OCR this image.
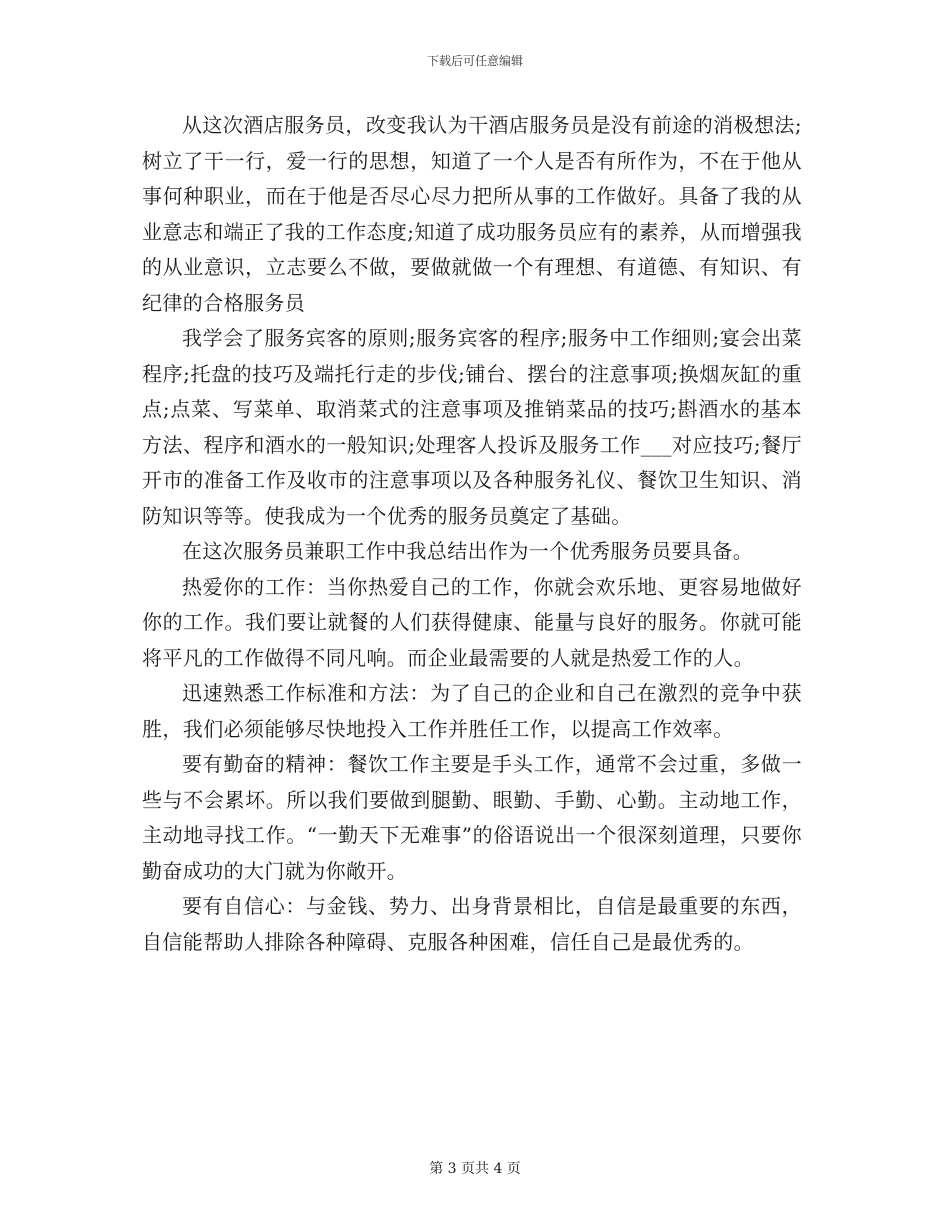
下载后可任意编辑

从这次酒店服务员，改变我认为干酒店服务员是没有前途的消极想法;树立了干一行，爱一行的思想，知道了一个人是否有所作为，不在于他从事何种职业，而在于他是否尽心尽力把所从事的工作做好。具备了我的从业意志和端正了我的工作态度;知道了成功服务员应有的素养，从而增强我的从业意识，立志要么不做，要做就做一个有理想、有道德、有知识、有纪律的合格服务员

我学会了服务宾客的原则;服务宾客的程序;服务中工作细则;宴会出菜程序;托盘的技巧及端托行走的步伐;铺台、摆台的注意事项;换烟灰缸的重点;点菜、写菜单、取消菜式的注意事项及推销菜品的技巧;斟酒水的基本方法、程序和酒水的一般知识;处理客人投诉及服务工作___对应技巧;餐厅开市的准备工作及收市的注意事项以及各种服务礼仪、餐饮卫生知识、消防知识等等。使我成为一个优秀的服务员奠定了基础。

在这次服务员兼职工作中我总结出作为一个优秀服务员要具备。

热爱你的工作：当你热爱自己的工作，你就会欢乐地、更容易地做好你的工作。我们要让就餐的人们获得健康、能量与良好的服务。你就可能将平凡的工作做得不同凡响。而企业最需要的人就是热爱工作的人。

迅速熟悉工作标准和方法：为了自己的企业和自己在激烈的竞争中获胜，我们必须能够尽快地投入工作并胜任工作，以提高工作效率。

要有勤奋的精神：餐饮工作主要是手头工作，通常不会过重，多做一些与不会累坏。所以我们要做到腿勤、眼勤、手勤、心勤。主动地工作，主动地寻找工作。“一勤天下无难事”的俗语说出一个很深刻道理，只要你勤奋成功的大门就为你敞开。

要有自信心：与金钱、势力、出身背景相比，自信是最重要的东西，自信能帮助人排除各种障碍、克服各种困难，信任自己是最优秀的。

第 3 页共 4 页
